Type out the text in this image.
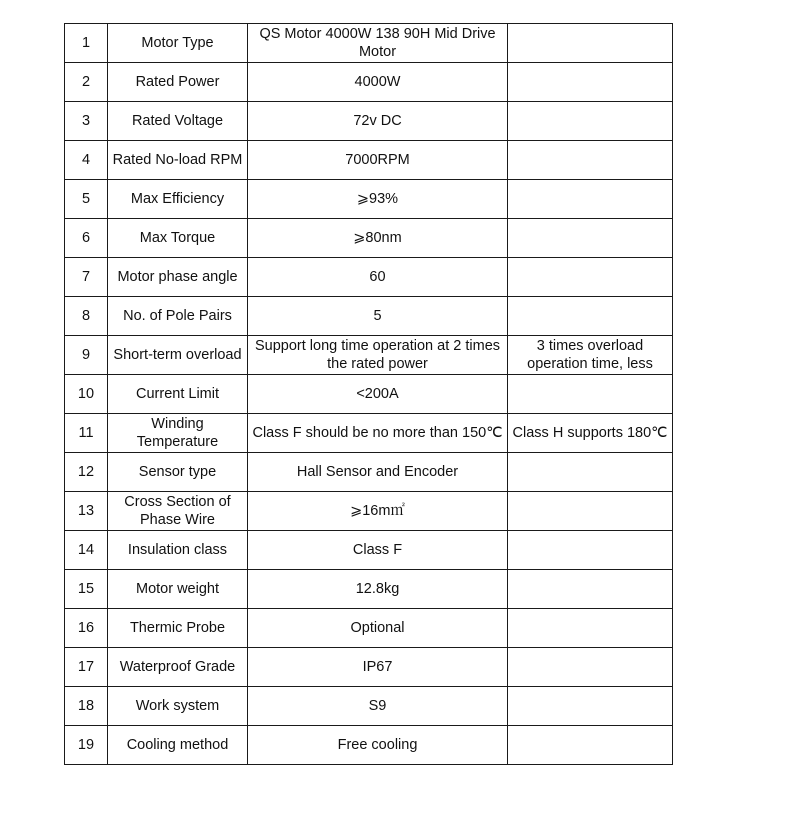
1	Motor Type	QS Motor 4000W 138 90H Mid Drive Motor	
2	Rated Power	4000W	
3	Rated Voltage	72v DC	
4	Rated No-load RPM	7000RPM	
5	Max Efficiency	⩾93%	
6	Max Torque	⩾80nm	
7	Motor phase angle	60	
8	No. of Pole Pairs	5	
9	Short-term overload	Support long time operation at 2 times the rated power	3 times overload operation time, less
10	Current Limit	<200A	
11	Winding Temperature	Class F should be no more than 150℃	Class H supports 180℃
12	Sensor type	Hall Sensor and Encoder	
13	Cross Section of Phase Wire	⩾16m㎡	
14	Insulation class	Class F	
15	Motor weight	12.8kg	
16	Thermic Probe	Optional	
17	Waterproof Grade	IP67	
18	Work system	S9	
19	Cooling method	Free cooling	
